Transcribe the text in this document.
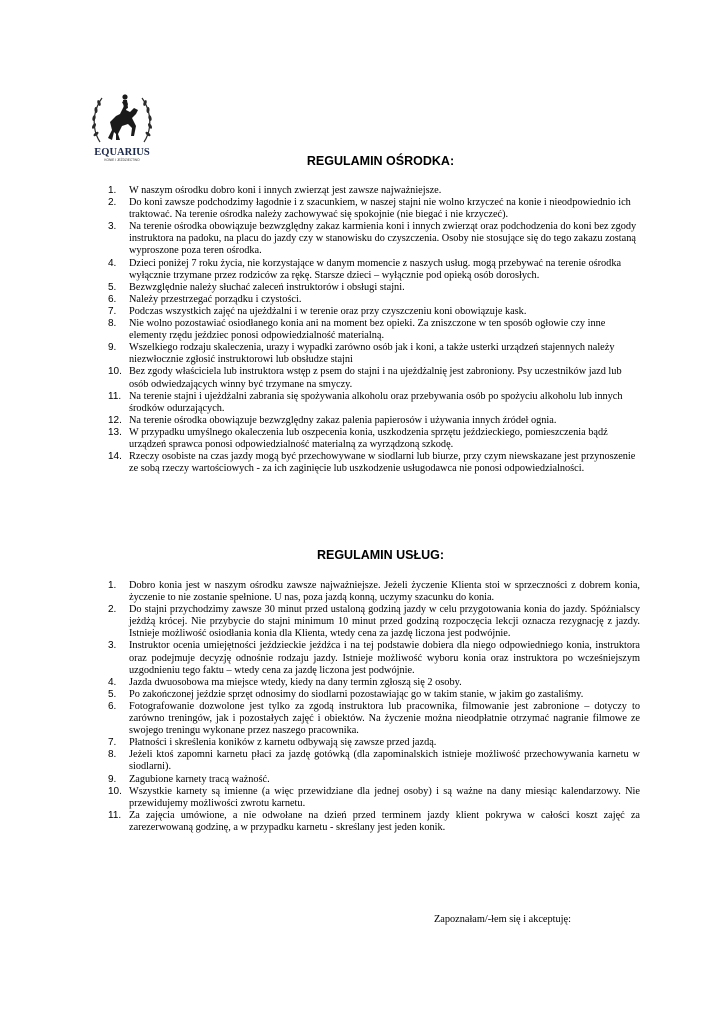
EQUARIUS
KONIE I JEŹDZIECTWO	REGULAMIN OŚRODKA:
1. W naszym ośrodku dobro koni i innych zwierząt jest zawsze najważniejsze.
2. Do koni zawsze podchodzimy łagodnie i z szacunkiem, w naszej stajni nie wolno krzyczeć na konie i nieodpowiednio ich traktować. Na terenie ośrodka należy zachowywać się spokojnie (nie biegać i nie krzyczeć).
3. Na terenie ośrodka obowiązuje bezwzględny zakaz karmienia koni i innych zwierząt oraz podchodzenia do koni bez zgody instruktora na padoku, na placu do jazdy czy w stanowisku do czyszczenia. Osoby nie stosujące się do tego zakazu zostaną wyproszone poza teren ośrodka.
4. Dzieci poniżej 7 roku życia, nie korzystające w danym momencie z naszych usług. mogą przebywać na terenie ośrodka wyłącznie trzymane przez rodziców za rękę. Starsze dzieci – wyłącznie pod opieką osób dorosłych.
5. Bezwzględnie należy słuchać zaleceń instruktorów i obsługi stajni.
6. Należy przestrzegać porządku i czystości.
7. Podczas wszystkich zajęć na ujeżdżalni i w terenie oraz przy czyszczeniu koni obowiązuje kask.
8. Nie wolno pozostawiać osiodłanego konia ani na moment bez opieki. Za zniszczone w ten sposób ogłowie czy inne elementy rzędu jeździec ponosi odpowiedzialność materialną.
9. Wszelkiego rodzaju skaleczenia, urazy i wypadki zarówno osób jak i koni, a także usterki urządzeń stajennych należy niezwłocznie zgłosić instruktorowi lub obsłudze stajni
10. Bez zgody właściciela lub instruktora wstęp z psem do stajni i na ujeżdżalnię jest zabroniony. Psy uczestników jazd lub osób odwiedzających winny być trzymane na smyczy.
11. Na terenie stajni i ujeżdżalni zabrania się spożywania alkoholu oraz przebywania osób po spożyciu alkoholu lub innych środków odurzających.
12. Na terenie ośrodka obowiązuje bezwzględny zakaz palenia papierosów i używania innych źródeł ognia.
13. W przypadku umyślnego okaleczenia lub oszpecenia konia, uszkodzenia sprzętu jeździeckiego, pomieszczenia bądź urządzeń sprawca ponosi odpowiedzialność materialną za wyrządzoną szkodę.
14. Rzeczy osobiste na czas jazdy mogą być przechowywane w siodlarni lub biurze, przy czym niewskazane jest przynoszenie ze sobą rzeczy wartościowych - za ich zaginięcie lub uszkodzenie usługodawca nie ponosi odpowiedzialności.
REGULAMIN USŁUG:
1. Dobro konia jest w naszym ośrodku zawsze najważniejsze. Jeżeli życzenie Klienta stoi w sprzeczności z dobrem konia, życzenie to nie zostanie spełnione. U nas, poza jazdą konną, uczymy szacunku do konia.
2. Do stajni przychodzimy zawsze 30 minut przed ustaloną godziną jazdy w celu przygotowania konia do jazdy. Spóźnialscy jeżdżą krócej. Nie przybycie do stajni minimum 10 minut przed godziną rozpoczęcia lekcji oznacza rezygnację z jazdy. Istnieje możliwość osiodłania konia dla Klienta, wtedy cena za jazdę liczona jest podwójnie.
3. Instruktor ocenia umiejętności jeździeckie jeźdźca i na tej podstawie dobiera dla niego odpowiedniego konia, instruktora oraz podejmuje decyzję odnośnie rodzaju jazdy. Istnieje możliwość wyboru konia oraz instruktora po wcześniejszym uzgodnieniu tego faktu – wtedy cena za jazdę liczona jest podwójnie.
4. Jazda dwuosobowa ma miejsce wtedy, kiedy na dany termin zgłoszą się 2 osoby.
5. Po zakończonej jeździe sprzęt odnosimy do siodlarni pozostawiając go w takim stanie, w jakim go zastaliśmy.
6. Fotografowanie dozwolone jest tylko za zgodą instruktora lub pracownika, filmowanie jest zabronione – dotyczy to zarówno treningów, jak i pozostałych zajęć i obiektów. Na życzenie można nieodpłatnie otrzymać nagranie filmowe ze swojego treningu wykonane przez naszego pracownika.
7. Płatności i skreślenia koników z karnetu odbywają się zawsze przed jazdą.
8. Jeżeli ktoś zapomni karnetu płaci za jazdę gotówką (dla zapominalskich istnieje możliwość przechowywania karnetu w siodlarni).
9. Zagubione karnety tracą ważność.
10. Wszystkie karnety są imienne (a więc przewidziane dla jednej osoby) i są ważne na dany miesiąc kalendarzowy. Nie przewidujemy możliwości zwrotu karnetu.
11. Za zajęcia umówione, a nie odwołane na dzień przed terminem jazdy klient pokrywa w całości koszt zajęć za zarezerwowaną godzinę, a w przypadku karnetu - skreślany jest jeden konik.
Zapoznałam/-łem się i akceptuję:
